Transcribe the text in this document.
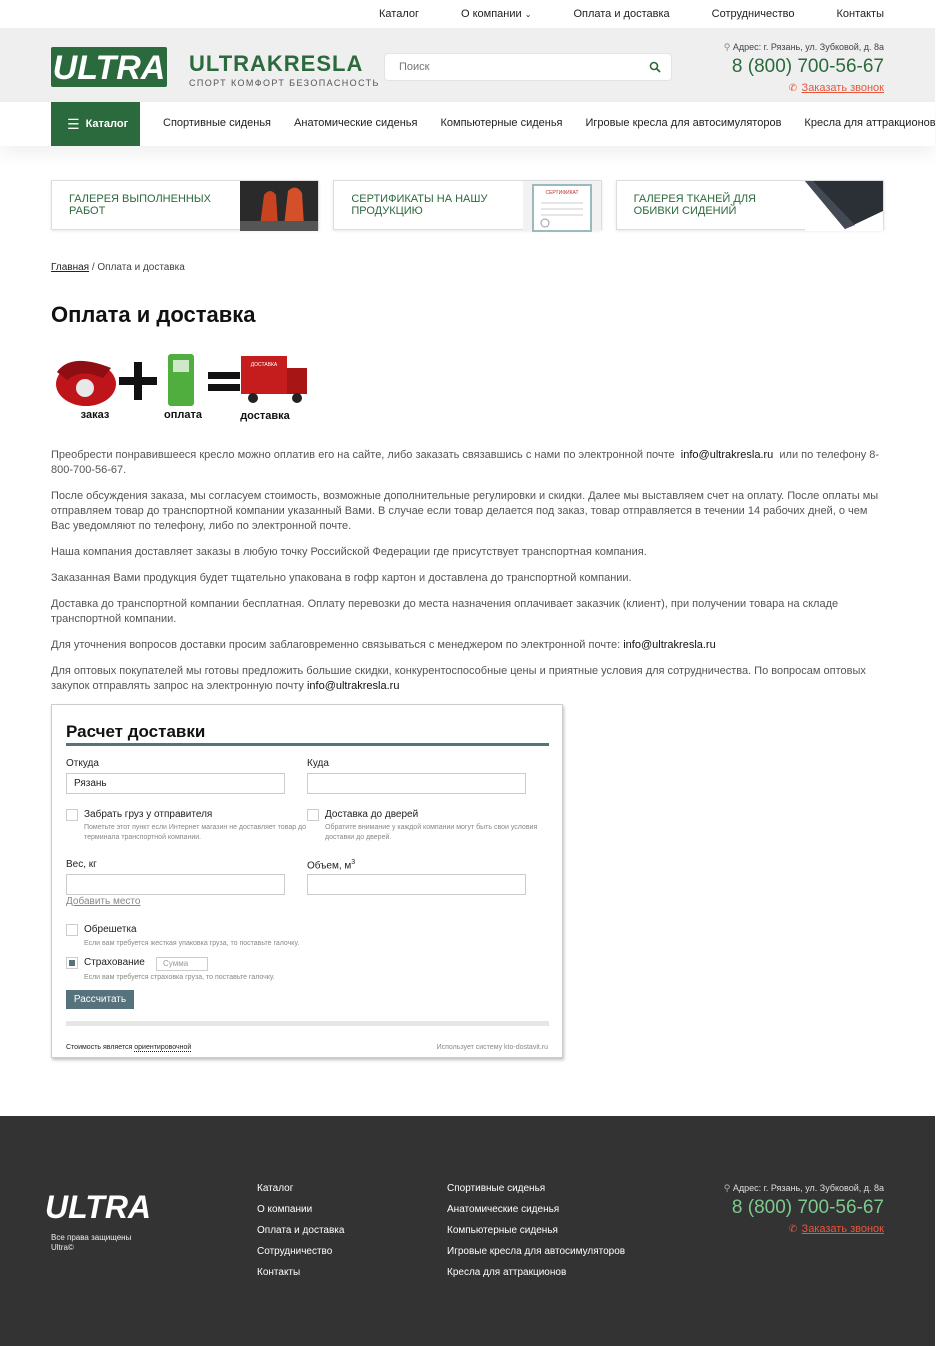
Каталог	О компании ⌄	Оплата и доставка	Сотрудничество	Контакты
ULTRA ULTRAKRESLA
СПОРТ КОМФОРТ БЕЗОПАСНОСТЬ
Поиск
⚲ Адрес: г. Рязань, ул. Зубковой, д. 8а
8 (800) 700-56-67
✆ Заказать звонок
☰ Каталог	Спортивные сиденья Анатомические сиденья Компьютерные сиденья Игровые кресла для автосимуляторов Кресла для аттракционов
ГАЛЕРЕЯ ВЫПОЛНЕННЫХ РАБОТ
СЕРТИФИКАТЫ НА НАШУ ПРОДУКЦИЮ
СЕРТИФИКАТ	ГАЛЕРЕЯ ТКАНЕЙ ДЛЯ ОБИВКИ СИДЕНИЙ
Главная / Оплата и доставка
Оплата и доставка
ДОСТАВКА
заказ	оплата	доставка

Преобрести понравившееся кресло можно оплатив его на сайте, либо заказать связавшись с нами по электронной почте info@ultrakresla.ru или по телефону 8-800-700-56-67.

После обсуждения заказа, мы согласуем стоимость, возможные дополнительные регулировки и скидки. Далее мы выставляем счет на оплату. После оплаты мы отправляем товар до транспортной компании указанный Вами. В случае если товар делается под заказ, товар отправляется в течении 14 рабочих дней, о чем Вас уведомляют по телефону, либо по электронной почте.

Наша компания доставляет заказы в любую точку Российской Федерации где присутствует транспортная компания.

Заказанная Вами продукция будет тщательно упакована в гофр картон и доставлена до транспортной компании.

Доставка до транспортной компании бесплатная. Оплату перевозки до места назначения оплачивает заказчик (клиент), при получении товара на складе транспортной компании.

Для уточнения вопросов доставки просим заблаговременно связываться с менеджером по электронной почте: info@ultrakresla.ru

Для оптовых покупателей мы готовы предложить большие скидки, конкурентоспособные цены и приятные условия для сотрудничества. По вопросам оптовых закупок отправлять запрос на электронную почту info@ultrakresla.ru

Расчет доставки
Откуда
Рязань
Куда
Забрать груз у отправителя
Пометьте этот пункт если Интернет магазин не доставляет товар до терминала транспортной компании.
Доставка до дверей
Обратите внимание у каждой компании могут быть свои условия доставки до дверей.
Вес, кг	Объем, $м^3$
Добавить место
Обрешетка
Если вам требуется жесткая упаковка груза, то поставьте галочку.
Страхование	Сумма
Если вам требуется страховка груза, то поставьте галочку.
Рассчитать
Стоимость является ориентировочной	Использует систему kto-dostavit.ru
ULTRA
Все права защищены
Ultra©
Каталог
О компании
Оплата и доставка
Сотрудничество
Контакты
Спортивные сиденья
Анатомические сиденья
Компьютерные сиденья
Игровые кресла для автосимуляторов
Кресла для аттракционов
⚲ Адрес: г. Рязань, ул. Зубковой, д. 8а
8 (800) 700-56-67
✆ Заказать звонок
